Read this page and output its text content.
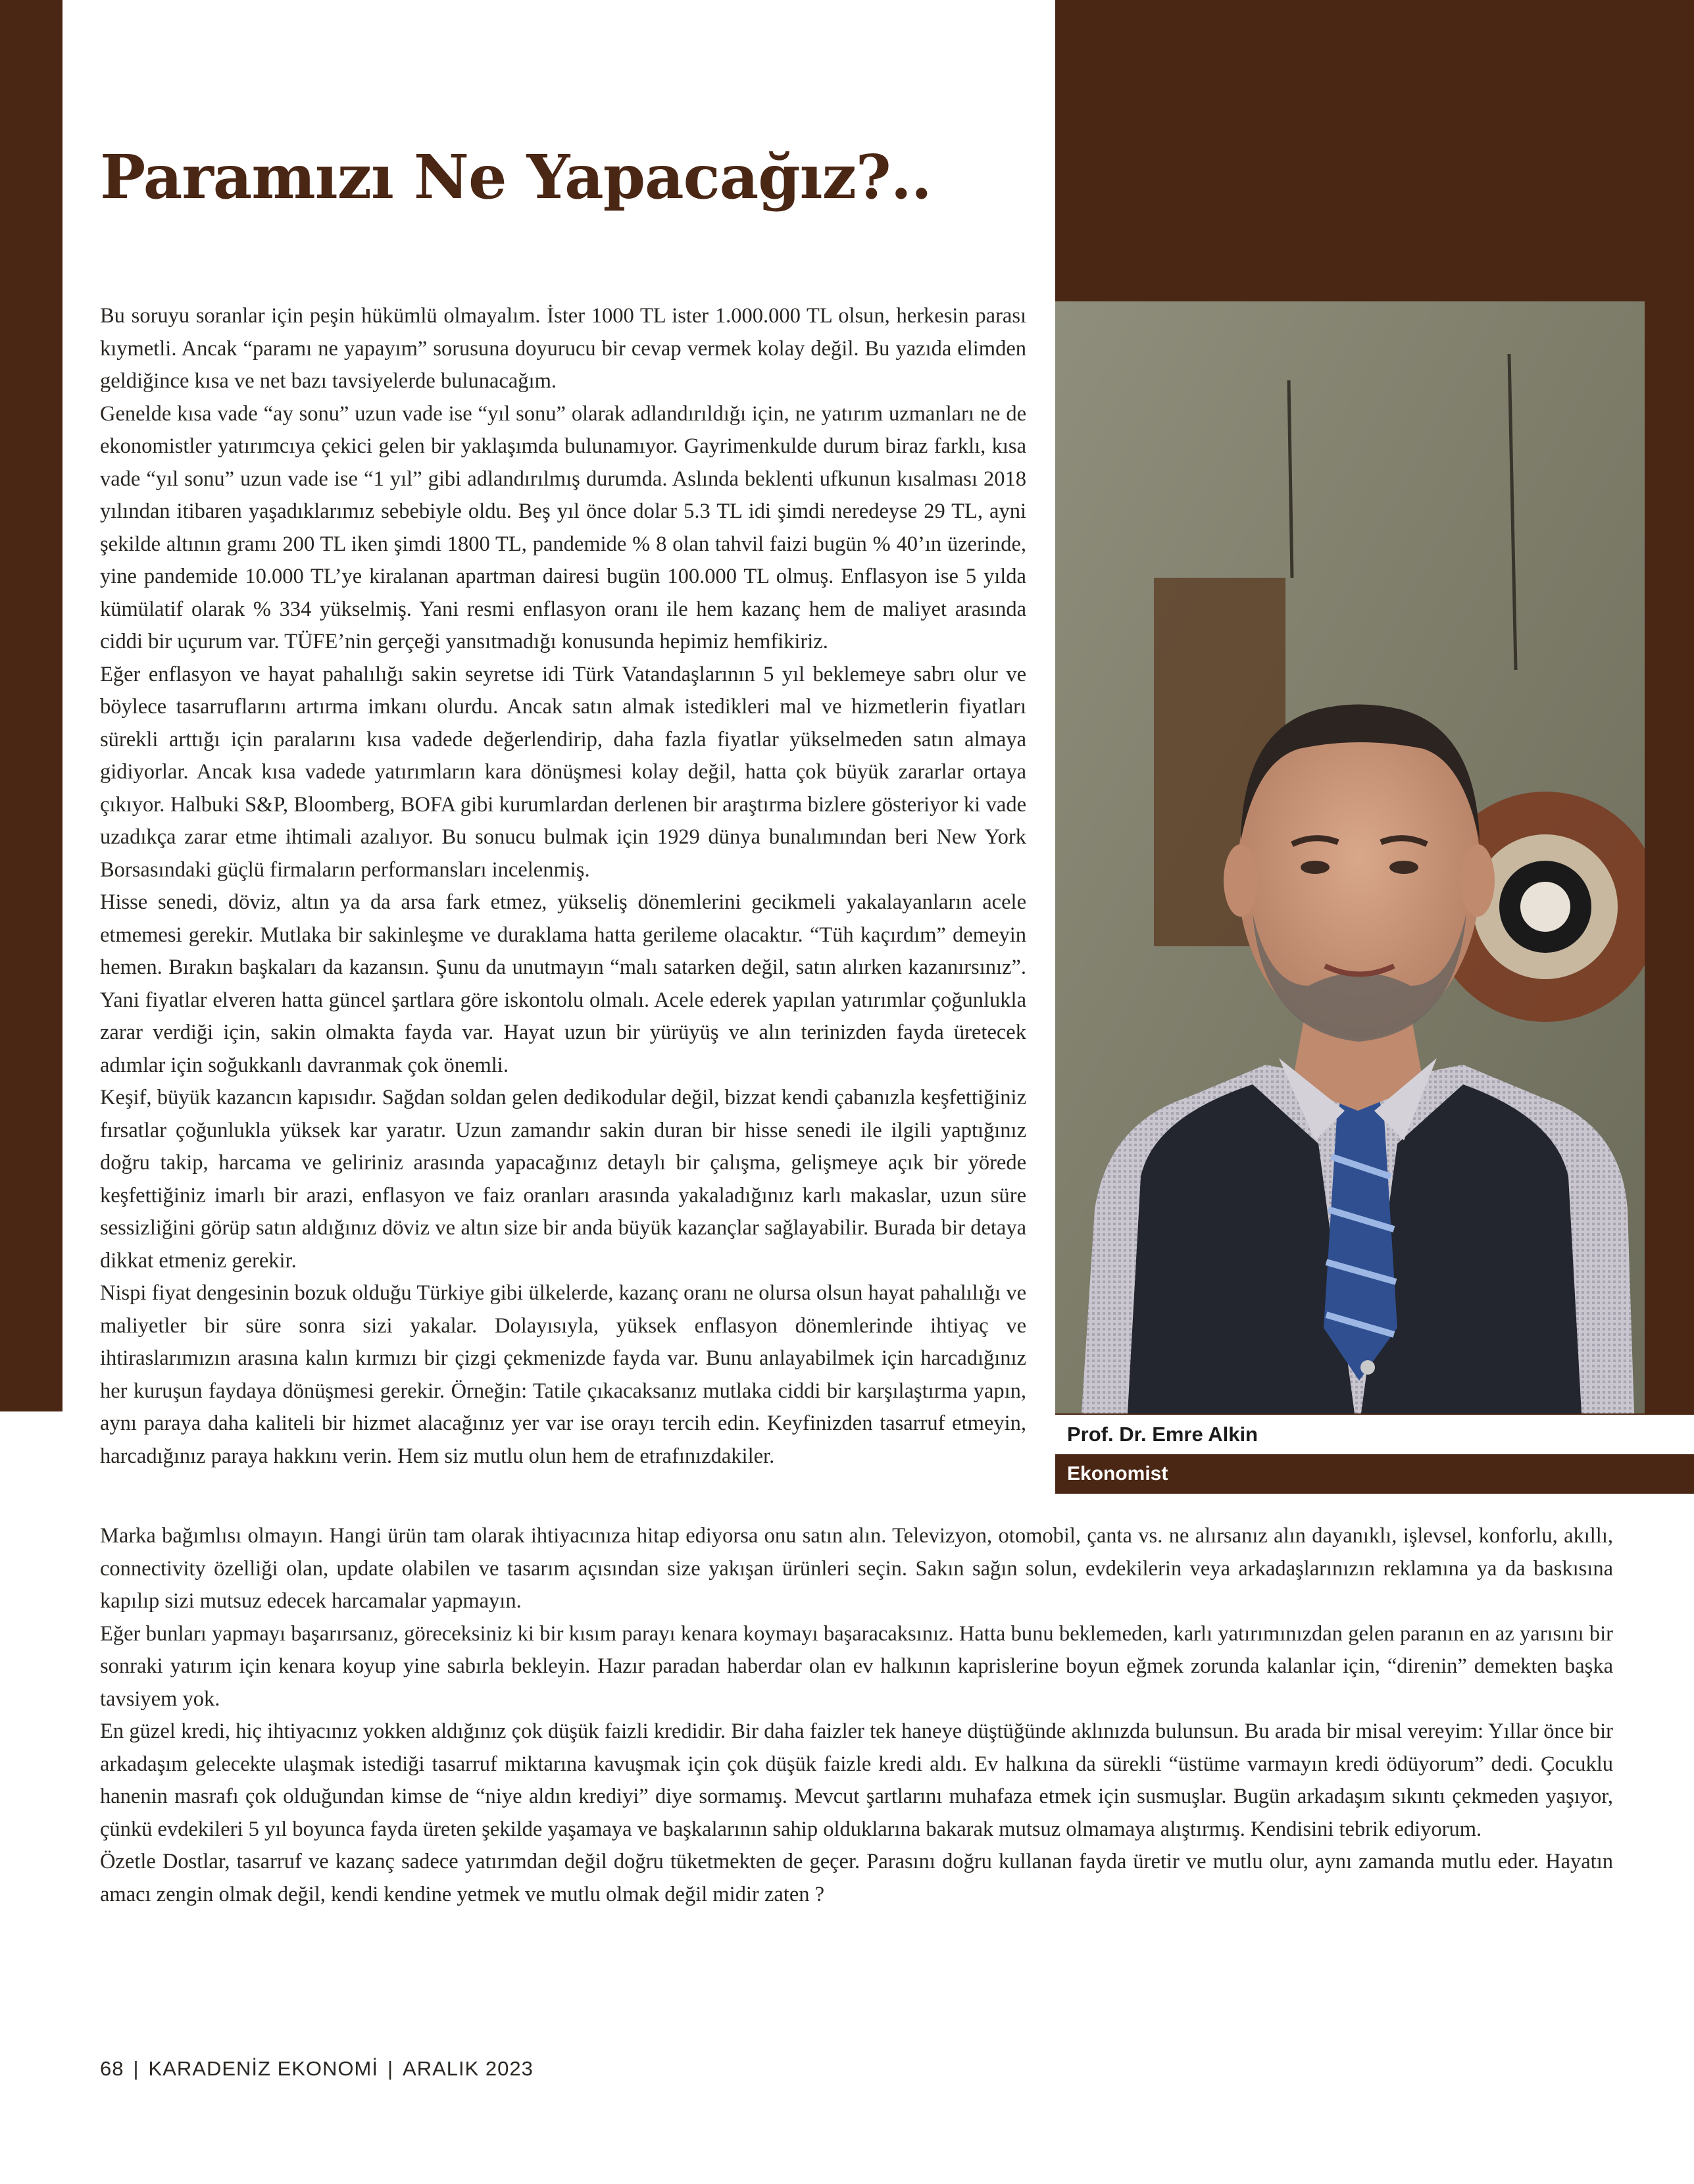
Paramızı Ne Yapacağız?..

Bu soruyu soranlar için peşin hükümlü olmayalım. İster 1000 TL ister 1.000.000 TL olsun, herkesin parası kıymetli. Ancak “paramı ne yapayım” sorusuna doyurucu bir cevap vermek kolay değil. Bu yazıda elimden geldiğince kısa ve net bazı tavsiyelerde bulunacağım.

Genelde kısa vade “ay sonu” uzun vade ise “yıl sonu” olarak adlandırıldığı için, ne yatırım uzmanları ne de ekonomistler yatırımcıya çekici gelen bir yaklaşımda bulunamıyor. Gayrimenkulde durum biraz farklı, kısa vade “yıl sonu” uzun vade ise “1 yıl” gibi adlandırılmış durumda. Aslında beklenti ufkunun kısalması 2018 yılından itibaren yaşadıklarımız sebebiyle oldu. Beş yıl önce dolar 5.3 TL idi şimdi neredeyse 29 TL, ayni şekilde altının gramı 200 TL iken şimdi 1800 TL, pandemide % 8 olan tahvil faizi bugün % 40’ın üzerinde, yine pandemide 10.000 TL’ye kiralanan apartman dairesi bugün 100.000 TL olmuş. Enflasyon ise 5 yılda kümülatif olarak % 334 yükselmiş. Yani resmi enflasyon oranı ile hem kazanç hem de maliyet arasında ciddi bir uçurum var. TÜFE’nin gerçeği yansıtmadığı konusunda hepimiz hemfikiriz.

Eğer enflasyon ve hayat pahalılığı sakin seyretse idi Türk Vatandaşlarının 5 yıl beklemeye sabrı olur ve böylece tasarruflarını artırma imkanı olurdu. Ancak satın almak istedikleri mal ve hizmetlerin fiyatları sürekli arttığı için paralarını kısa vadede değerlendirip, daha fazla fiyatlar yükselmeden satın almaya gidiyorlar. Ancak kısa vadede yatırımların kara dönüşmesi kolay değil, hatta çok büyük zararlar ortaya çıkıyor. Halbuki S&P, Bloomberg, BOFA gibi kurumlardan derlenen bir araştırma bizlere gösteriyor ki vade uzadıkça zarar etme ihtimali azalıyor. Bu sonucu bulmak için 1929 dünya bunalımından beri New York Borsasındaki güçlü firmaların performansları incelenmiş.

Hisse senedi, döviz, altın ya da arsa fark etmez, yükseliş dönemlerini gecikmeli yakalayanların acele etmemesi gerekir. Mutlaka bir sakinleşme ve duraklama hatta gerileme olacaktır. “Tüh kaçırdım” demeyin hemen. Bırakın başkaları da kazansın. Şunu da unutmayın “malı satarken değil, satın alırken kazanırsınız”. Yani fiyatlar elveren hatta güncel şartlara göre iskontolu olmalı. Acele ederek yapılan yatırımlar çoğunlukla zarar verdiği için, sakin olmakta fayda var. Hayat uzun bir yürüyüş ve alın terinizden fayda üretecek adımlar için soğukkanlı davranmak çok önemli.

Keşif, büyük kazancın kapısıdır. Sağdan soldan gelen dedikodular değil, bizzat kendi çabanızla keşfettiğiniz fırsatlar çoğunlukla yüksek kar yaratır. Uzun zamandır sakin duran bir hisse senedi ile ilgili yaptığınız doğru takip, harcama ve geliriniz arasında yapacağınız detaylı bir çalışma, gelişmeye açık bir yörede keşfettiğiniz imarlı bir arazi, enflasyon ve faiz oranları arasında yakaladığınız karlı makaslar, uzun süre sessizliğini görüp satın aldığınız döviz ve altın size bir anda büyük kazançlar sağlayabilir. Burada bir detaya dikkat etmeniz gerekir.

Nispi fiyat dengesinin bozuk olduğu Türkiye gibi ülkelerde, kazanç oranı ne olursa olsun hayat pahalılığı ve maliyetler bir süre sonra sizi yakalar. Dolayısıyla, yüksek enflasyon dönemlerinde ihtiyaç ve ihtiraslarımızın arasına kalın kırmızı bir çizgi çekmenizde fayda var. Bunu anlayabilmek için harcadığınız her kuruşun faydaya dönüşmesi gerekir. Örneğin: Tatile çıkacaksanız mutlaka ciddi bir karşılaştırma yapın, aynı paraya daha kaliteli bir hizmet alacağınız yer var ise orayı tercih edin. Keyfinizden tasarruf etmeyin, harcadığınız paraya hakkını verin. Hem siz mutlu olun hem de etrafınızdakiler.

Prof. Dr. Emre Alkin
Ekonomist

Marka bağımlısı olmayın. Hangi ürün tam olarak ihtiyacınıza hitap ediyorsa onu satın alın. Televizyon, otomobil, çanta vs. ne alırsanız alın dayanıklı, işlevsel, konforlu, akıllı, connectivity özelliği olan, update olabilen ve tasarım açısından size yakışan ürünleri seçin. Sakın sağın solun, evdekilerin veya arkadaşlarınızın reklamına ya da baskısına kapılıp sizi mutsuz edecek harcamalar yapmayın.

Eğer bunları yapmayı başarırsanız, göreceksiniz ki bir kısım parayı kenara koymayı başaracaksınız. Hatta bunu beklemeden, karlı yatırımınızdan gelen paranın en az yarısını bir sonraki yatırım için kenara koyup yine sabırla bekleyin. Hazır paradan haberdar olan ev halkının kaprislerine boyun eğmek zorunda kalanlar için, “direnin” demekten başka tavsiyem yok.

En güzel kredi, hiç ihtiyacınız yokken aldığınız çok düşük faizli kredidir. Bir daha faizler tek haneye düştüğünde aklınızda bulunsun. Bu arada bir misal vereyim: Yıllar önce bir arkadaşım gelecekte ulaşmak istediği tasarruf miktarına kavuşmak için çok düşük faizle kredi aldı. Ev halkına da sürekli “üstüme varmayın kredi ödüyorum” dedi. Çocuklu hanenin masrafı çok olduğundan kimse de “niye aldın krediyi” diye sormamış. Mevcut şartlarını muhafaza etmek için susmuşlar. Bugün arkadaşım sıkıntı çekmeden yaşıyor, çünkü evdekileri 5 yıl boyunca fayda üreten şekilde yaşamaya ve başkalarının sahip olduklarına bakarak mutsuz olmamaya alıştırmış. Kendisini tebrik ediyorum.

Özetle Dostlar, tasarruf ve kazanç sadece yatırımdan değil doğru tüketmekten de geçer. Parasını doğru kullanan fayda üretir ve mutlu olur, aynı zamanda mutlu eder. Hayatın amacı zengin olmak değil, kendi kendine yetmek ve mutlu olmak değil midir zaten ?

68 | KARADENİZ EKONOMİ | ARALIK 2023
